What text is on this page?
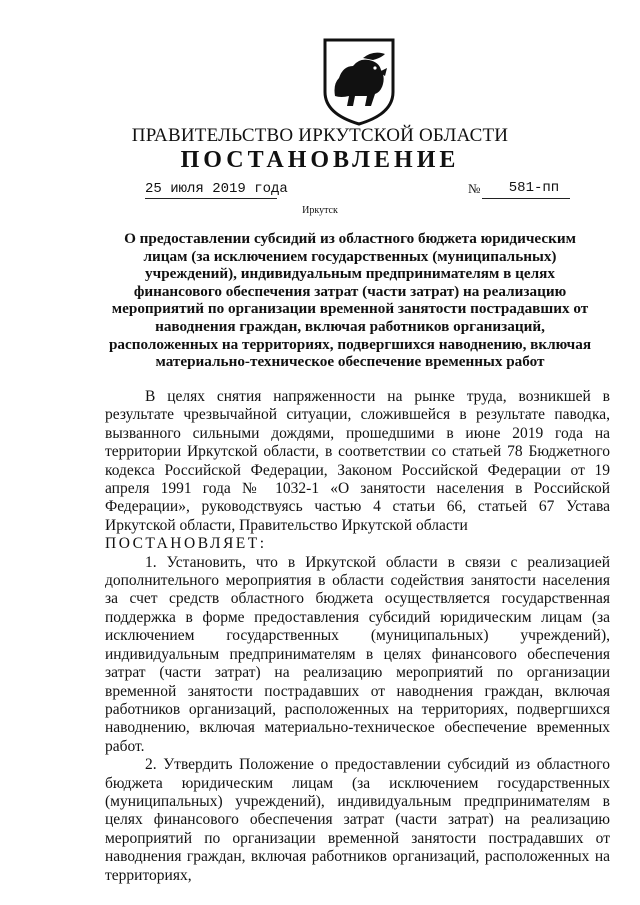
ПРАВИТЕЛЬСТВО ИРКУТСКОЙ ОБЛАСТИ
ПОСТАНОВЛЕНИЕ
25 июля 2019 года	№	581-пп
Иркутск
О предоставлении субсидий из областного бюджета юридическим лицам (за исключением государственных (муниципальных) учреждений), индивидуальным предпринимателям в целях финансового обеспечения затрат (части затрат) на реализацию мероприятий по организации временной занятости пострадавших от наводнения граждан, включая работников организаций, расположенных на территориях, подвергшихся наводнению, включая материально-техническое обеспечение временных работ

В целях снятия напряженности на рынке труда, возникшей в результате чрезвычайной ситуации, сложившейся в результате паводка, вызванного сильными дождями, прошедшими в июне 2019 года на территории Иркутской области, в соответствии со статьей 78 Бюджетного кодекса Российской Федерации, Законом Российской Федерации от 19 апреля 1991 года № 1032-1 «О занятости населения в Российской Федерации», руководствуясь частью 4 статьи 66, статьей 67 Устава Иркутской области, Правительство Иркутской области

ПОСТАНОВЛЯЕТ:

1. Установить, что в Иркутской области в связи с реализацией дополнительного мероприятия в области содействия занятости населения за счет средств областного бюджета осуществляется государственная поддержка в форме предоставления субсидий юридическим лицам (за исключением государственных (муниципальных) учреждений), индивидуальным предпринимателям в целях финансового обеспечения затрат (части затрат) на реализацию мероприятий по организации временной занятости пострадавших от наводнения граждан, включая работников организаций, расположенных на территориях, подвергшихся наводнению, включая материально-техническое обеспечение временных работ.

2. Утвердить Положение о предоставлении субсидий из областного бюджета юридическим лицам (за исключением государственных (муниципальных) учреждений), индивидуальным предпринимателям в целях финансового обеспечения затрат (части затрат) на реализацию мероприятий по организации временной занятости пострадавших от наводнения граждан, включая работников организаций, расположенных на территориях,
